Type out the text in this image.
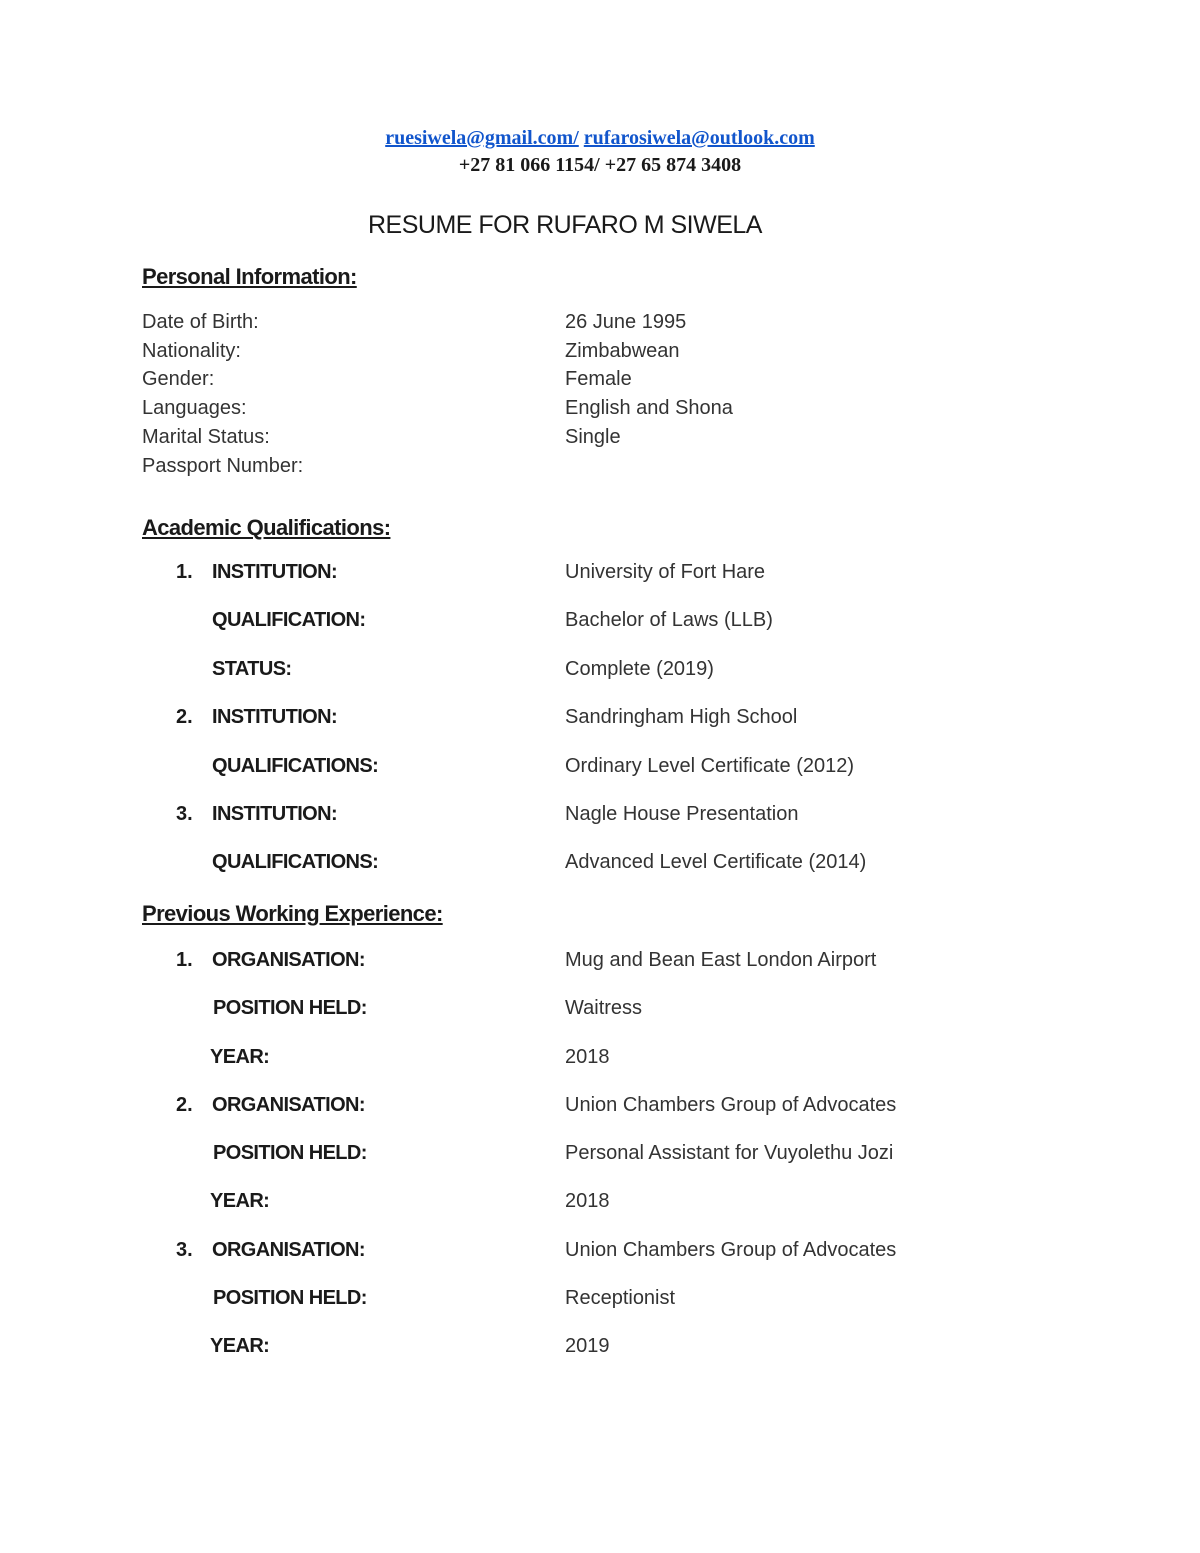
ruesiwela@gmail.com/ rufarosiwela@outlook.com
+27 81 066 1154/ +27 65 874 3408
RESUME FOR RUFARO M SIWELA
Personal Information:
Date of Birth:	26 June 1995
Nationality:	Zimbabwean
Gender:	Female
Languages:	English and Shona
Marital Status:	Single
Passport Number:
Academic Qualifications:
1. INSTITUTION:	University of Fort Hare
QUALIFICATION:	Bachelor of Laws (LLB)
STATUS:	Complete (2019)
2. INSTITUTION:	Sandringham High School
QUALIFICATIONS:	Ordinary Level Certificate (2012)
3. INSTITUTION:	Nagle House Presentation
QUALIFICATIONS:	Advanced Level Certificate (2014)
Previous Working Experience:
1. ORGANISATION:	Mug and Bean East London Airport
POSITION HELD:	Waitress
YEAR:	2018
2. ORGANISATION:	Union Chambers Group of Advocates
POSITION HELD:	Personal Assistant for Vuyolethu Jozi
YEAR:	2018
3. ORGANISATION:	Union Chambers Group of Advocates
POSITION HELD:	Receptionist
YEAR:	2019
